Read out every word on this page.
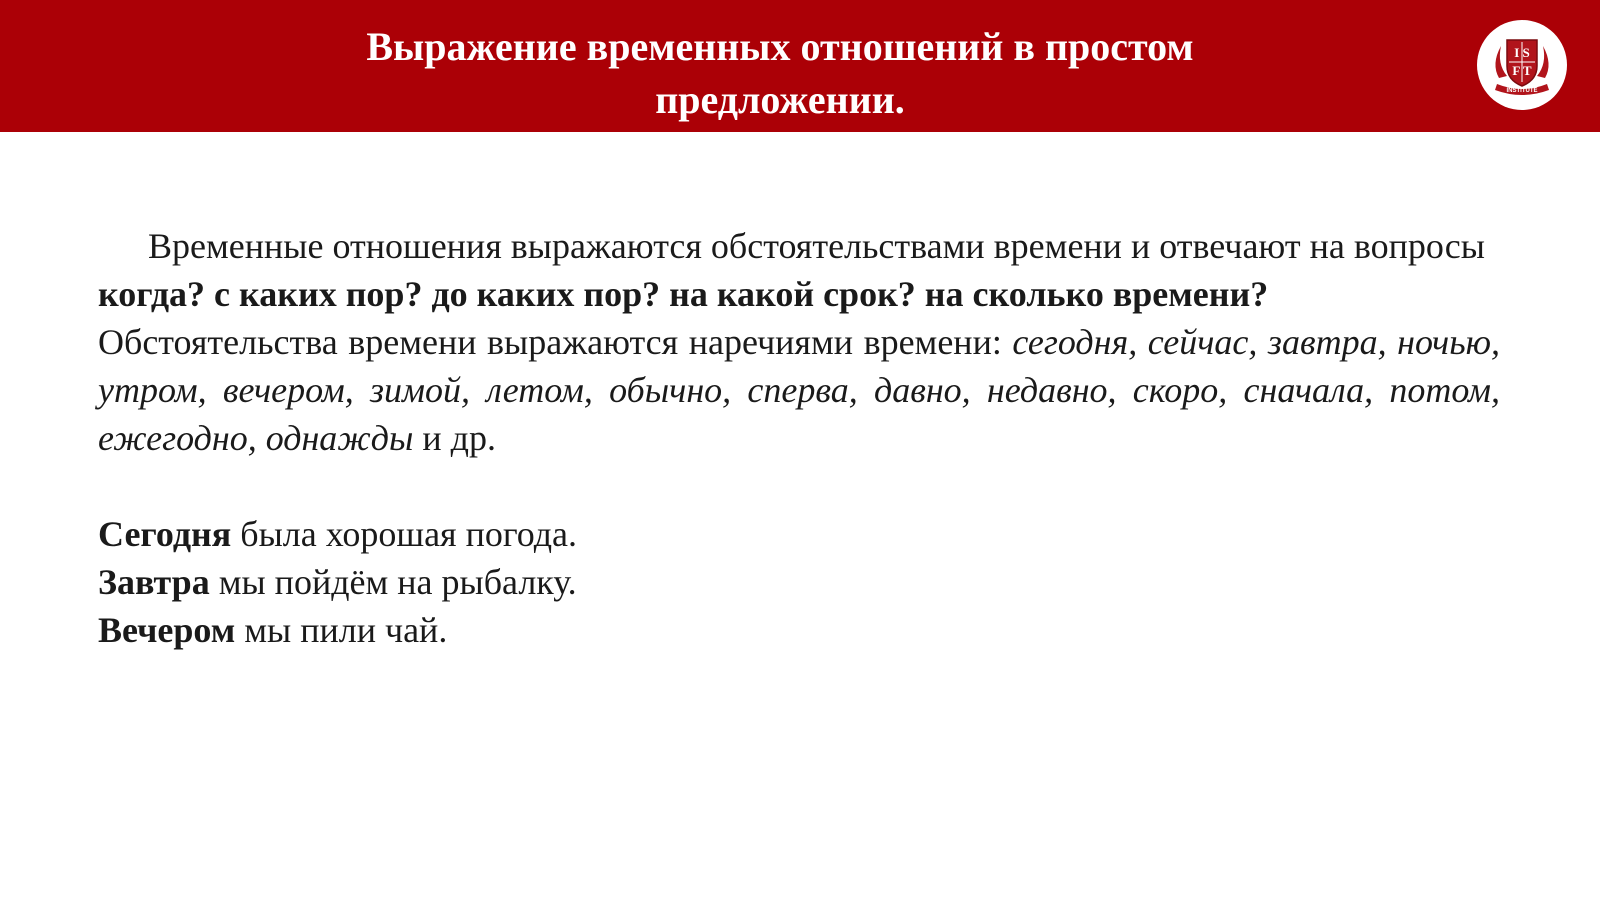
Выражение временных отношений в простом
предложении.
I S
F T
INSTITUTE

Временные отношения выражаются обстоятельствами времени и отвечают на вопросы когда? с каких пор? до каких пор? на какой срок? на сколько времени?

Обстоятельства времени выражаются наречиями времени: сегодня, сейчас, завтра, ночью, утром, вечером, зимой, летом, обычно, сперва, давно, недавно, скоро, сначала, потом, ежегодно, однажды и др.

Сегодня была хорошая погода.

Завтра мы пойдём на рыбалку.

Вечером мы пили чай.
